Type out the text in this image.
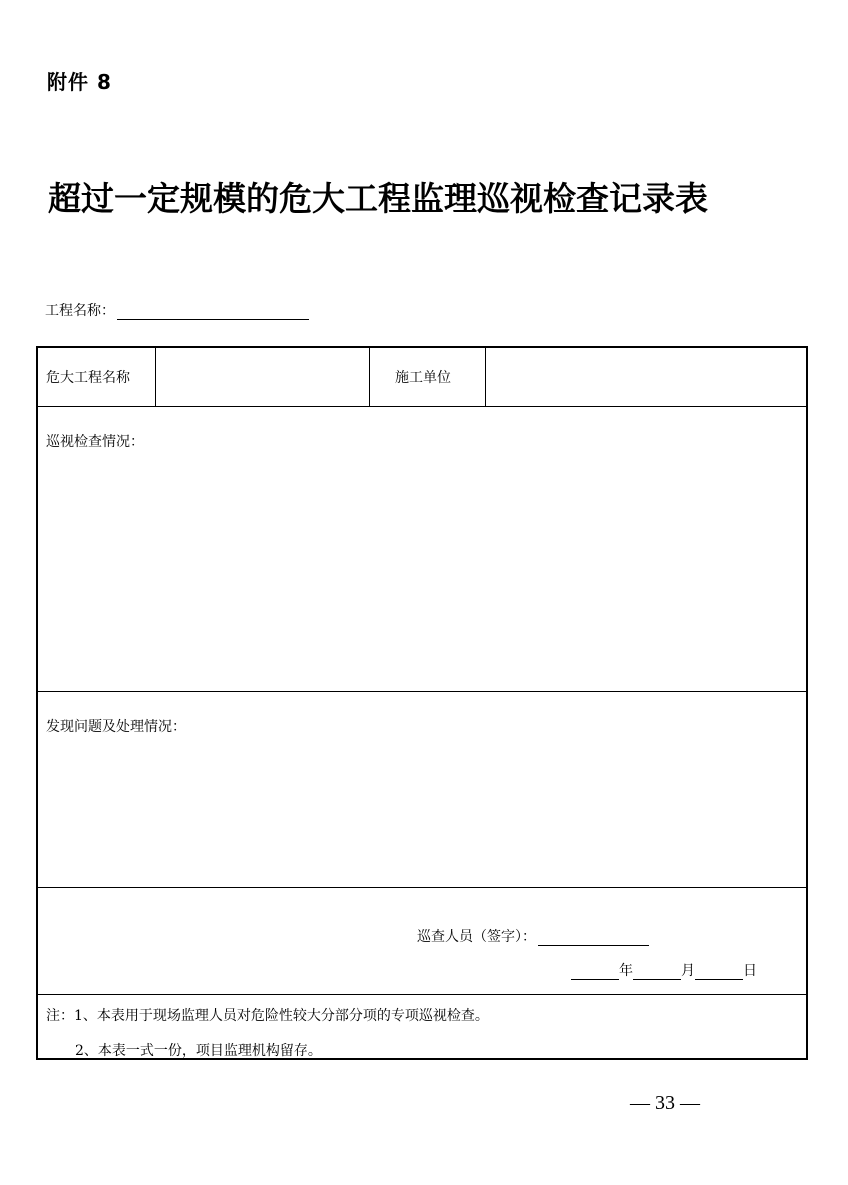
附件 8
超过一定规模的危大工程监理巡视检查记录表
工程名称：
危大工程名称	施工单位
巡视检查情况：
发现问题及处理情况：
巡查人员（签字）：
年	月	日
注：1、本表用于现场监理人员对危险性较大分部分项的专项巡视检查。
2、本表一式一份，项目监理机构留存。
— 33 —
